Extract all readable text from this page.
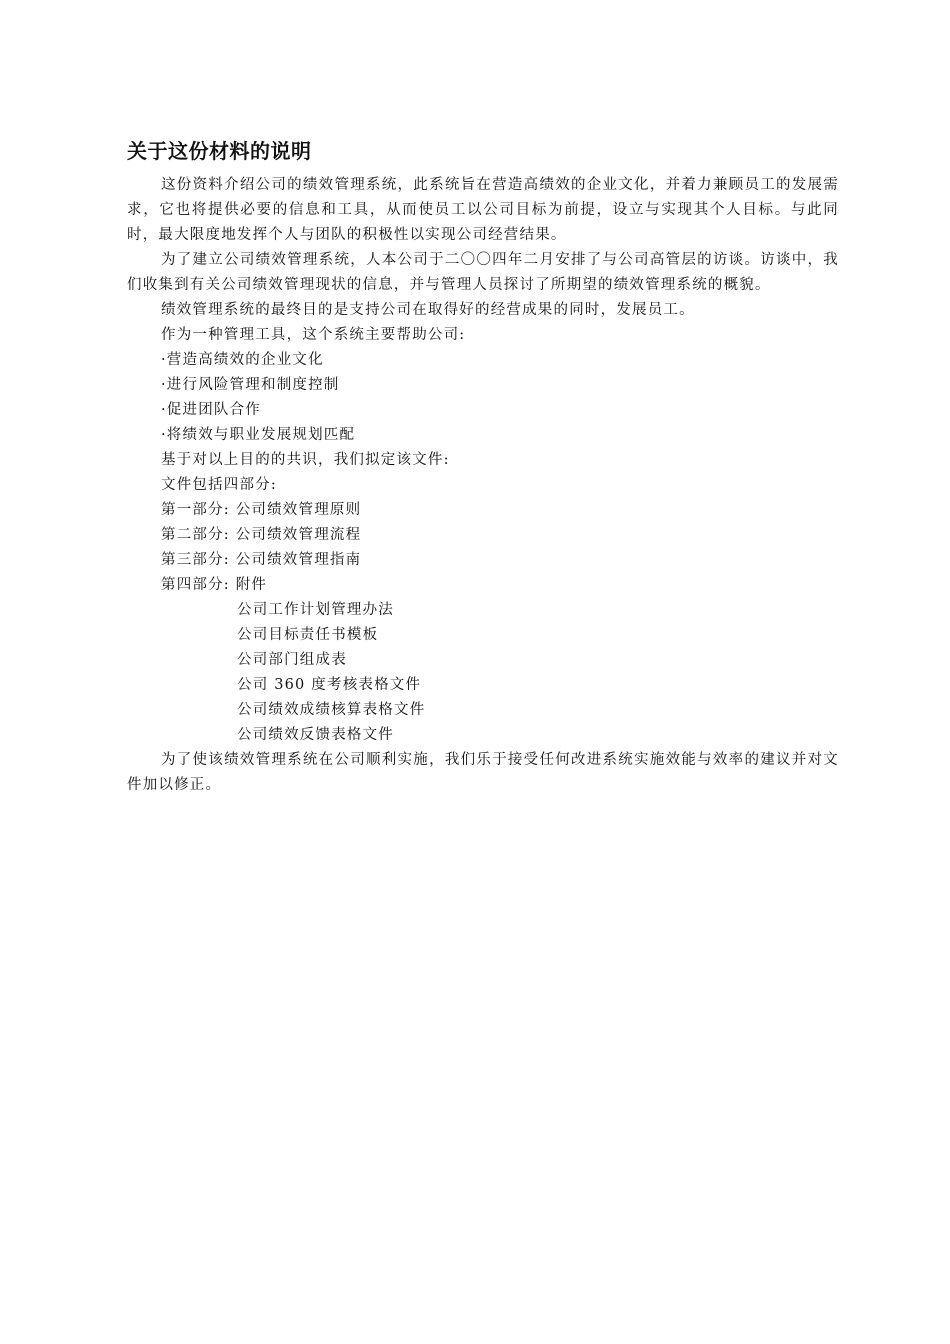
关于这份材料的说明

这份资料介绍公司的绩效管理系统，此系统旨在营造高绩效的企业文化，并着力兼顾员工的发展需求，它也将提供必要的信息和工具，从而使员工以公司目标为前提，设立与实现其个人目标。与此同时，最大限度地发挥个人与团队的积极性以实现公司经营结果。

为了建立公司绩效管理系统，人本公司于二〇〇四年二月安排了与公司高管层的访谈。访谈中，我们收集到有关公司绩效管理现状的信息，并与管理人员探讨了所期望的绩效管理系统的概貌。

绩效管理系统的最终目的是支持公司在取得好的经营成果的同时，发展员工。

作为一种管理工具，这个系统主要帮助公司:

·营造高绩效的企业文化

·进行风险管理和制度控制

·促进团队合作

·将绩效与职业发展规划匹配

基于对以上目的的共识，我们拟定该文件:

文件包括四部分:

第一部分: 公司绩效管理原则

第二部分: 公司绩效管理流程

第三部分: 公司绩效管理指南

第四部分: 附件

公司工作计划管理办法

公司目标责任书模板

公司部门组成表

公司 360 度考核表格文件

公司绩效成绩核算表格文件

公司绩效反馈表格文件

为了使该绩效管理系统在公司顺利实施，我们乐于接受任何改进系统实施效能与效率的建议并对文件加以修正。
